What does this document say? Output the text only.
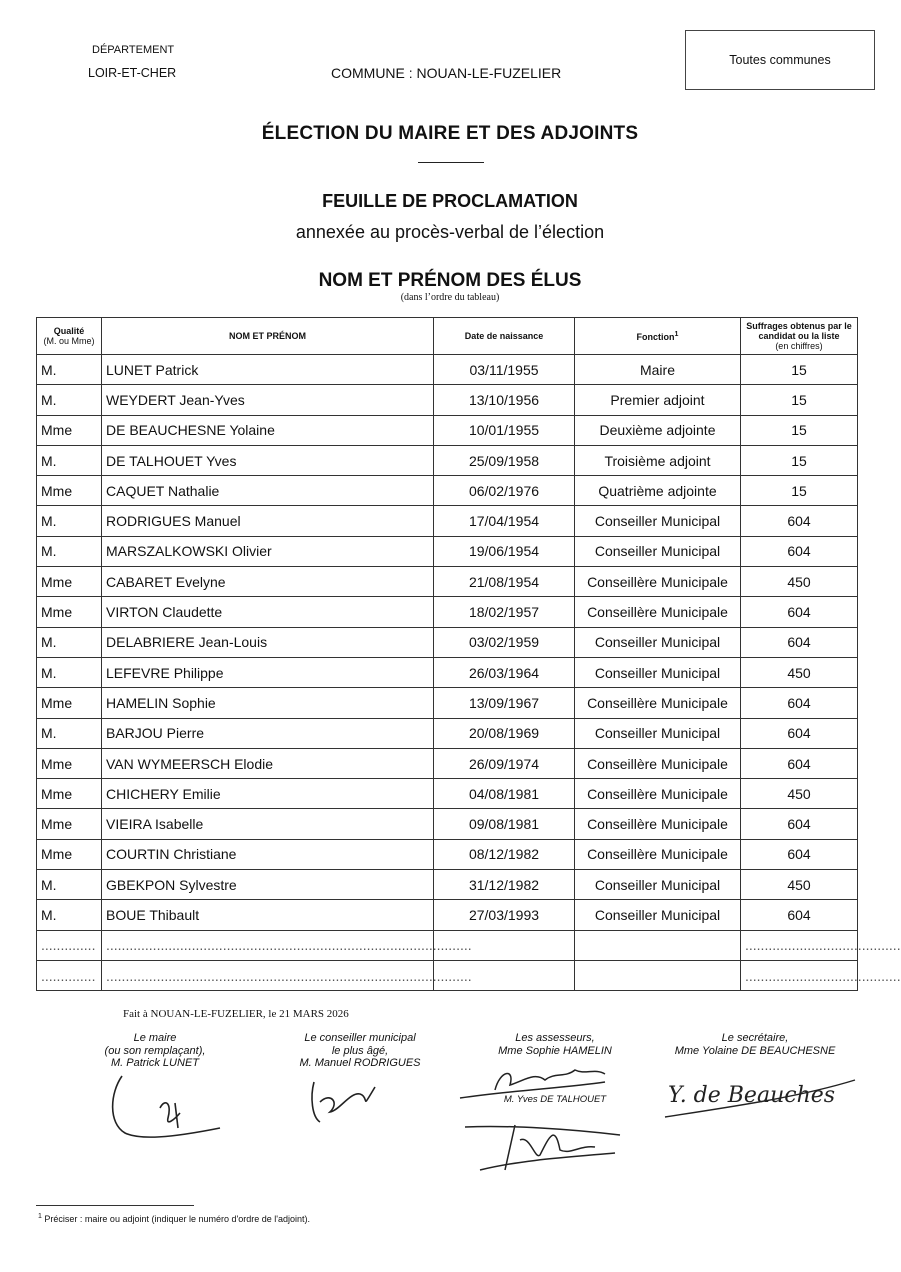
DÉPARTEMENT
LOIR-ET-CHER	COMMUNE : NOUAN-LE-FUZELIER
Toutes communes
ÉLECTION DU MAIRE ET DES ADJOINTS
FEUILLE DE PROCLAMATION
annexée au procès-verbal de l’élection
NOM ET PRÉNOM DES ÉLUS
(dans l’ordre du tableau)
Qualité
(M. ou Mme)	NOM ET PRÉNOM	Date de naissance	Fonction$^1$	Suffrages obtenus par le candidat ou la liste
(en chiffres)
M.	LUNET Patrick	03/11/1955	Maire	15
M.	WEYDERT Jean-Yves	13/10/1956	Premier adjoint	15
Mme	DE BEAUCHESNE Yolaine	10/01/1955	Deuxième adjointe	15
M.	DE TALHOUET Yves	25/09/1958	Troisième adjoint	15
Mme	CAQUET Nathalie	06/02/1976	Quatrième adjointe	15
M.	RODRIGUES Manuel	17/04/1954	Conseiller Municipal	604
M.	MARSZALKOWSKI Olivier	19/06/1954	Conseiller Municipal	604
Mme	CABARET Evelyne	21/08/1954	Conseillère Municipale	450
Mme	VIRTON Claudette	18/02/1957	Conseillère Municipale	604
M.	DELABRIERE Jean-Louis	03/02/1959	Conseiller Municipal	604
M.	LEFEVRE Philippe	26/03/1964	Conseiller Municipal	450
Mme	HAMELIN Sophie	13/09/1967	Conseillère Municipale	604
M.	BARJOU Pierre	20/08/1969	Conseiller Municipal	604
Mme	VAN WYMEERSCH Elodie	26/09/1974	Conseillère Municipale	604
Mme	CHICHERY Emilie	04/08/1981	Conseillère Municipale	450
Mme	VIEIRA Isabelle	09/08/1981	Conseillère Municipale	604
Mme	COURTIN Christiane	08/12/1982	Conseillère Municipale	604
M.	GBEKPON Sylvestre	31/12/1982	Conseiller Municipal	450
M.	BOUE Thibault	27/03/1993	Conseiller Municipal	604
..............	..............................................................................................			........................................
..............	..............................................................................................			........................................
Fait à NOUAN-LE-FUZELIER, le 21 MARS 2026
Le maire
(ou son remplaçant),
M. Patrick LUNET
Le conseiller municipal
le plus âgé,
M. Manuel RODRIGUES
Les assesseurs,
Mme Sophie HAMELIN
M. Yves DE TALHOUET
Le secrétaire,
Mme Yolaine DE BEAUCHESNE
Y. de Beauches
$^1$ Préciser : maire ou adjoint (indiquer le numéro d'ordre de l'adjoint).
